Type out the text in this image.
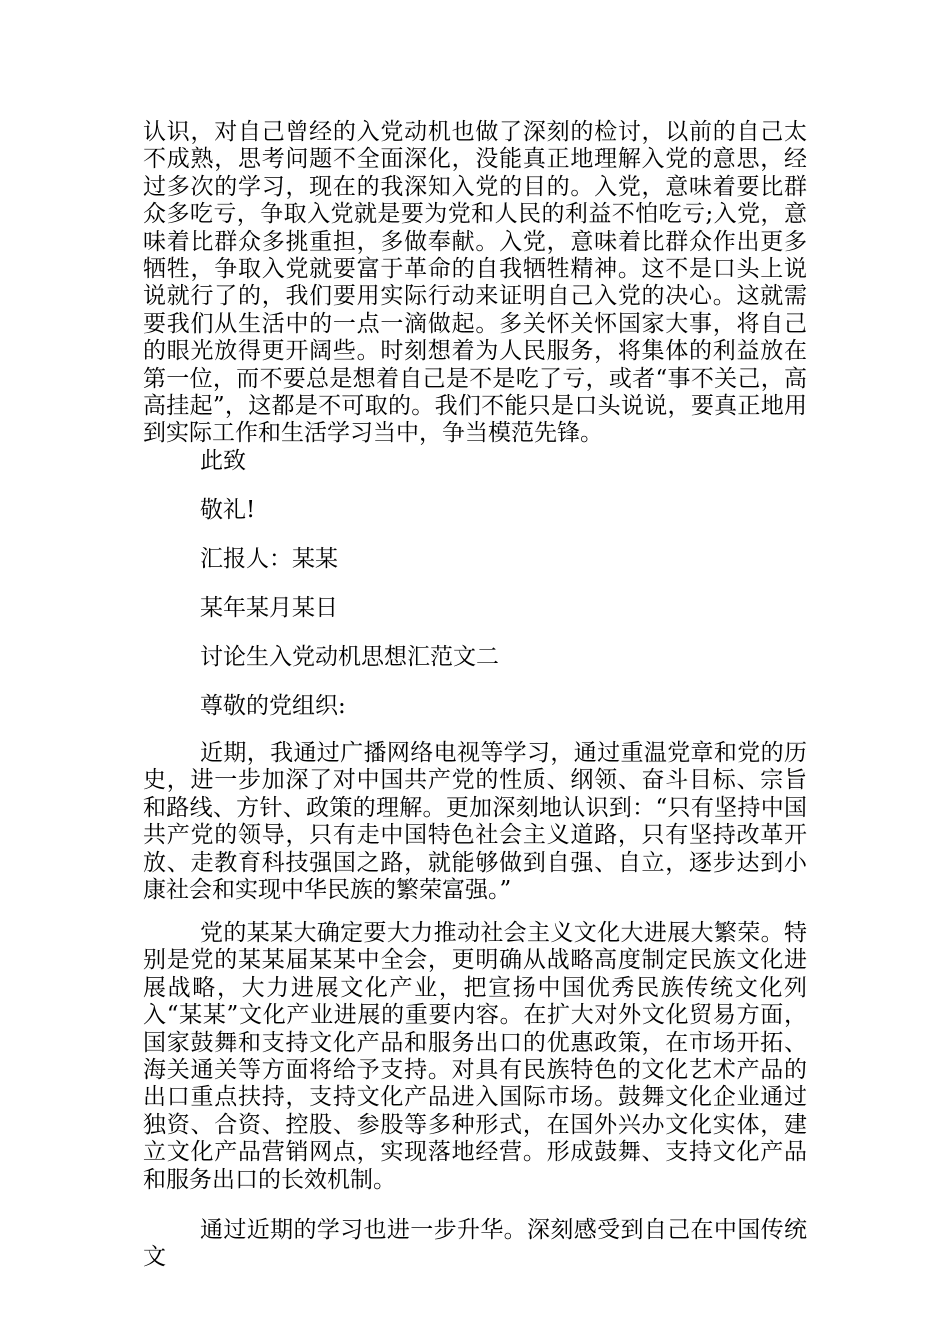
认识，对自己曾经的入党动机也做了深刻的检讨，以前的自己太不成熟，思考问题不全面深化，没能真正地理解入党的意思，经过多次的学习，现在的我深知入党的目的。入党，意味着要比群众多吃亏，争取入党就是要为党和人民的利益不怕吃亏;入党，意味着比群众多挑重担，多做奉献。入党，意味着比群众作出更多牺牲，争取入党就要富于革命的自我牺牲精神。这不是口头上说说就行了的，我们要用实际行动来证明自己入党的决心。这就需要我们从生活中的一点一滴做起。多关怀关怀国家大事，将自己的眼光放得更开阔些。时刻想着为人民服务，将集体的利益放在第一位，而不要总是想着自己是不是吃了亏，或者“事不关己，高高挂起”，这都是不可取的。我们不能只是口头说说，要真正地用到实际工作和生活学习当中，争当模范先锋。

此致

敬礼!

汇报人：某某

某年某月某日

讨论生入党动机思想汇范文二

尊敬的党组织:

近期，我通过广播网络电视等学习，通过重温党章和党的历史，进一步加深了对中国共产党的性质、纲领、奋斗目标、宗旨和路线、方针、政策的理解。更加深刻地认识到：“只有坚持中国共产党的领导，只有走中国特色社会主义道路，只有坚持改革开放、走教育科技强国之路，就能够做到自强、自立，逐步达到小康社会和实现中华民族的繁荣富强。”

党的某某大确定要大力推动社会主义文化大进展大繁荣。特别是党的某某届某某中全会，更明确从战略高度制定民族文化进展战略，大力进展文化产业，把宣扬中国优秀民族传统文化列入“某某”文化产业进展的重要内容。在扩大对外文化贸易方面，国家鼓舞和支持文化产品和服务出口的优惠政策，在市场开拓、海关通关等方面将给予支持。对具有民族特色的文化艺术产品的出口重点扶持，支持文化产品进入国际市场。鼓舞文化企业通过独资、合资、控股、参股等多种形式，在国外兴办文化实体，建立文化产品营销网点，实现落地经营。形成鼓舞、支持文化产品和服务出口的长效机制。

通过近期的学习也进一步升华。深刻感受到自己在中国传统文
